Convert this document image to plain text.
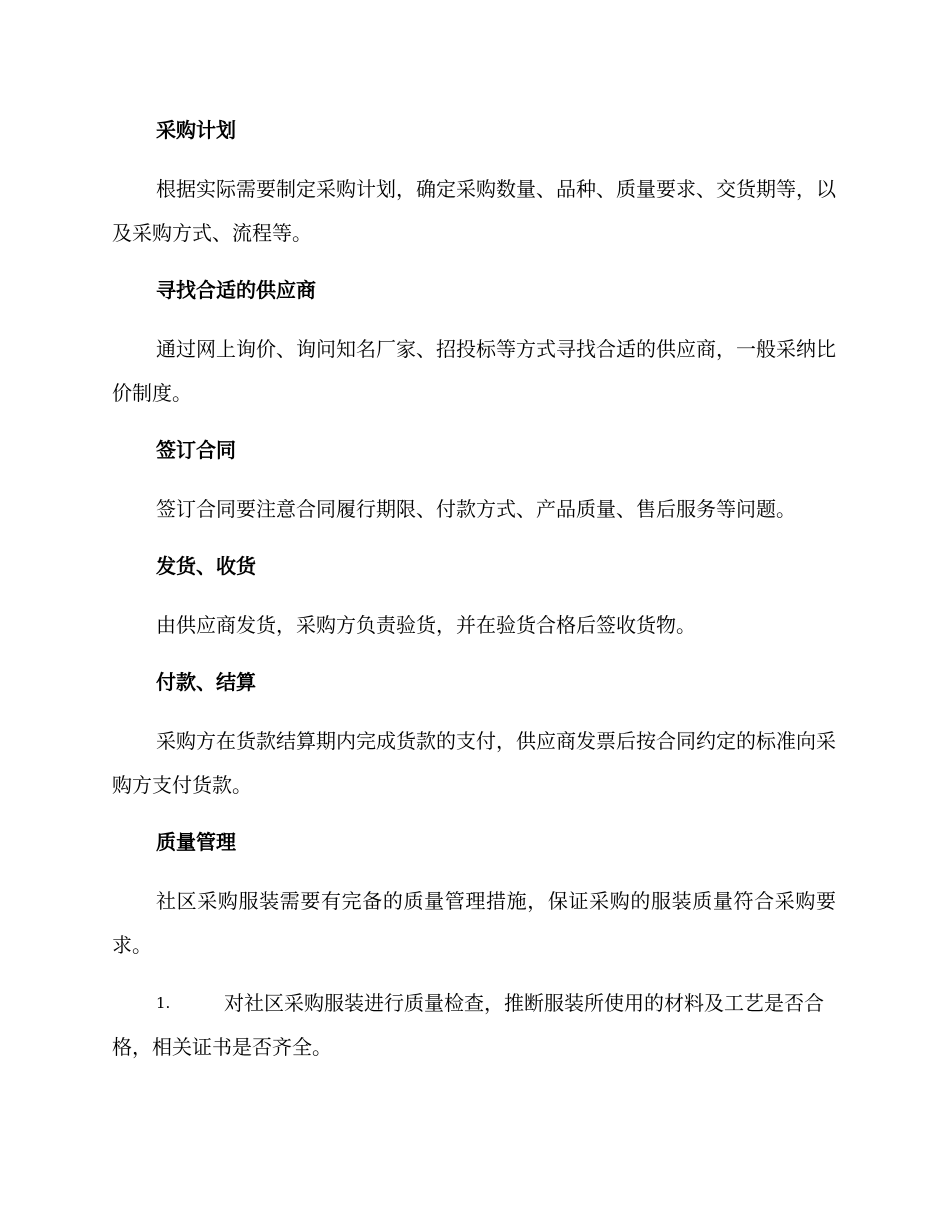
采购计划

根据实际需要制定采购计划，确定采购数量、品种、质量要求、交货期等，以及采购方式、流程等。

寻找合适的供应商

通过网上询价、询问知名厂家、招投标等方式寻找合适的供应商，一般采纳比价制度。

签订合同

签订合同要注意合同履行期限、付款方式、产品质量、售后服务等问题。

发货、收货

由供应商发货，采购方负责验货，并在验货合格后签收货物。

付款、结算

采购方在货款结算期内完成货款的支付，供应商发票后按合同约定的标准向采购方支付货款。

质量管理

社区采购服装需要有完备的质量管理措施，保证采购的服装质量符合采购要求。

1.	对社区采购服装进行质量检查，推断服装所使用的材料及工艺是否合格，相关证书是否齐全。
